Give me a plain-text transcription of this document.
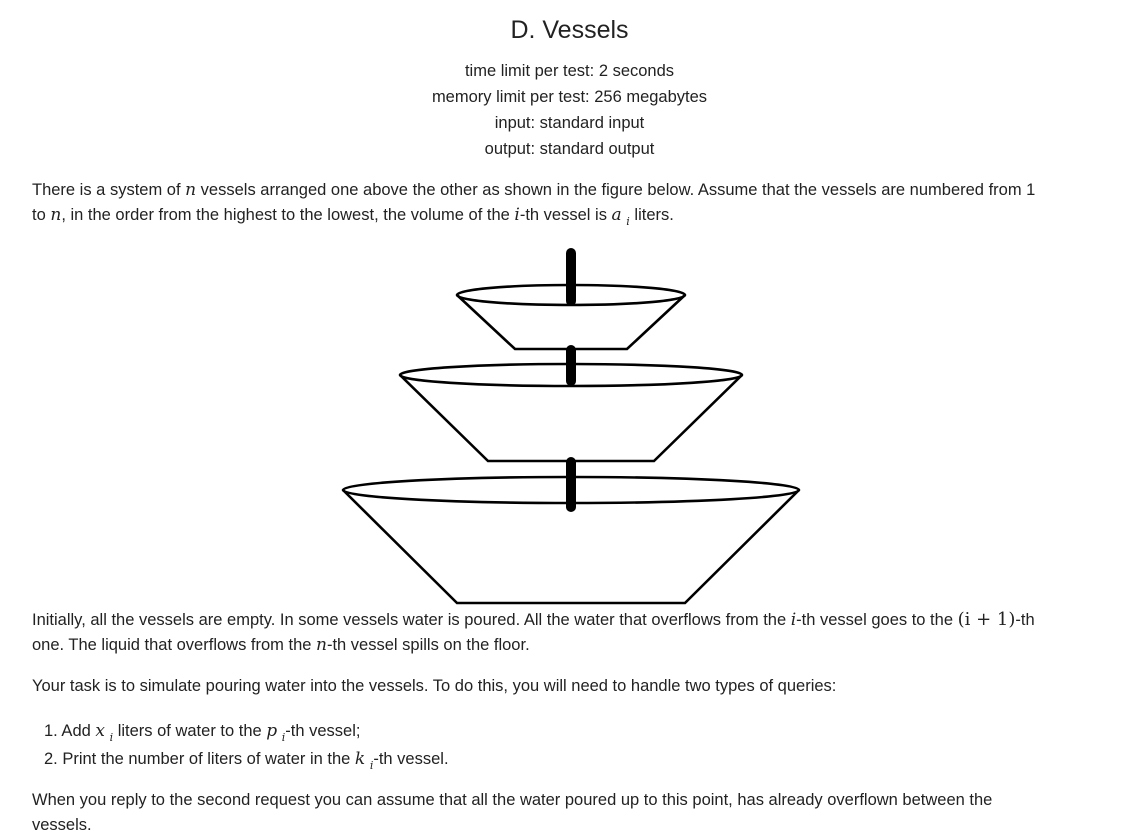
D. Vessels
time limit per test: 2 seconds
memory limit per test: 256 megabytes
input: standard input
output: standard output

There is a system of n vessels arranged one above the other as shown in the figure below. Assume that the vessels are numbered from 1
to n, in the order from the highest to the lowest, the volume of the i-th vessel is a $_i$ liters.

Initially, all the vessels are empty. In some vessels water is poured. All the water that overflows from the i-th vessel goes to the (i + 1)-th
one. The liquid that overflows from the n-th vessel spills on the floor.

Your task is to simulate pouring water into the vessels. To do this, you will need to handle two types of queries:

1. Add x $_i$ liters of water to the p $_i$-th vessel;
2. Print the number of liters of water in the k $_i$-th vessel.

When you reply to the second request you can assume that all the water poured up to this point, has already overflown between the
vessels.
